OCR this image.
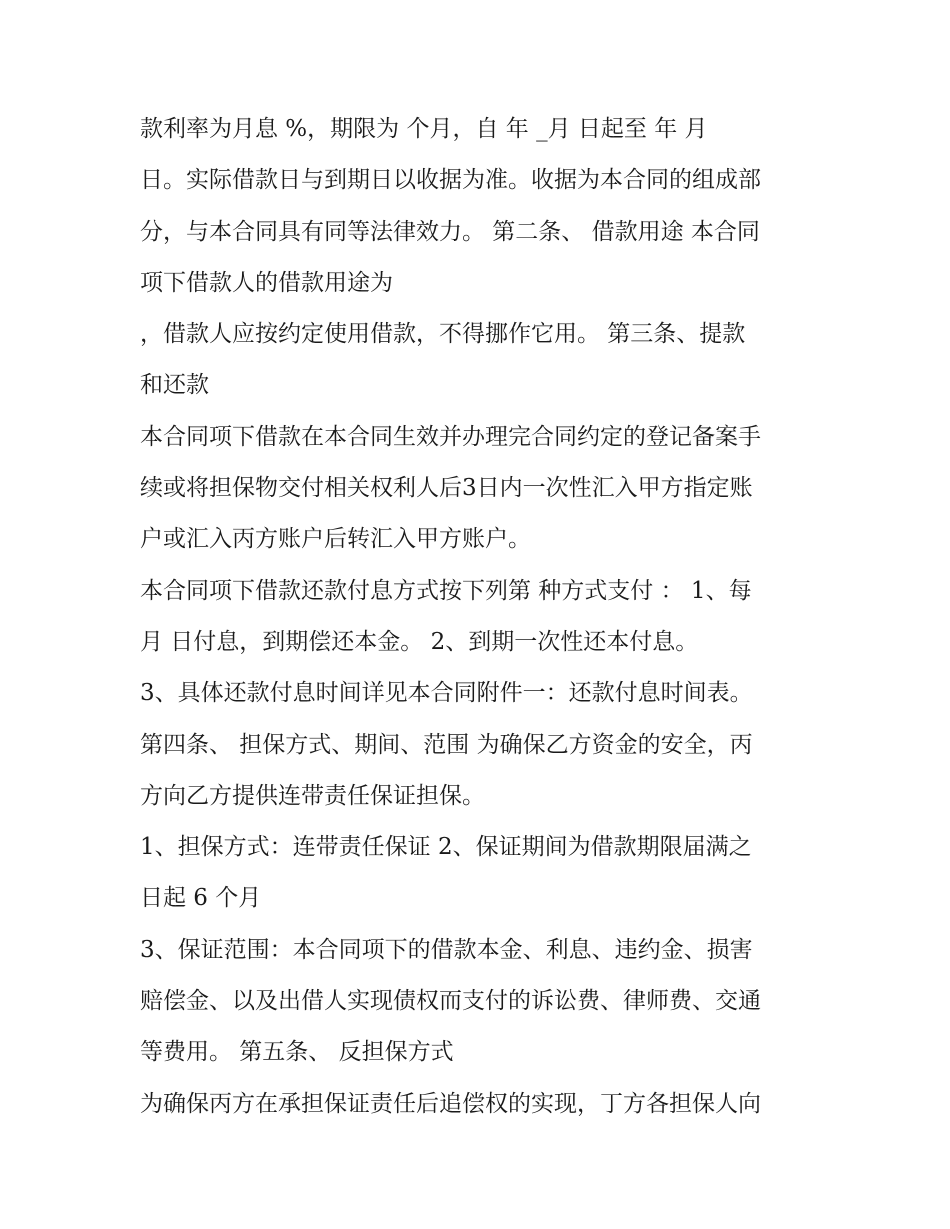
款利率为月息 %，期限为 个月，自 年 _月 日起至 年 月
日。实际借款日与到期日以收据为准。收据为本合同的组成部
分，与本合同具有同等法律效力。 第二条、 借款用途 本合同
项下借款人的借款用途为
，借款人应按约定使用借款，不得挪作它用。 第三条、提款
和还款
本合同项下借款在本合同生效并办理完合同约定的登记备案手
续或将担保物交付相关权利人后3日内一次性汇入甲方指定账
户或汇入丙方账户后转汇入甲方账户。
本合同项下借款还款付息方式按下列第 种方式支付 ： 1、每
月 日付息，到期偿还本金。 2、到期一次性还本付息。
3、具体还款付息时间详见本合同附件一：还款付息时间表。
第四条、 担保方式、期间、范围 为确保乙方资金的安全，丙
方向乙方提供连带责任保证担保。
1、担保方式：连带责任保证 2、保证期间为借款期限届满之
日起 6 个月
3、保证范围：本合同项下的借款本金、利息、违约金、损害
赔偿金、以及出借人实现债权而支付的诉讼费、律师费、交通
等费用。 第五条、 反担保方式
为确保丙方在承担保证责任后追偿权的实现，丁方各担保人向
